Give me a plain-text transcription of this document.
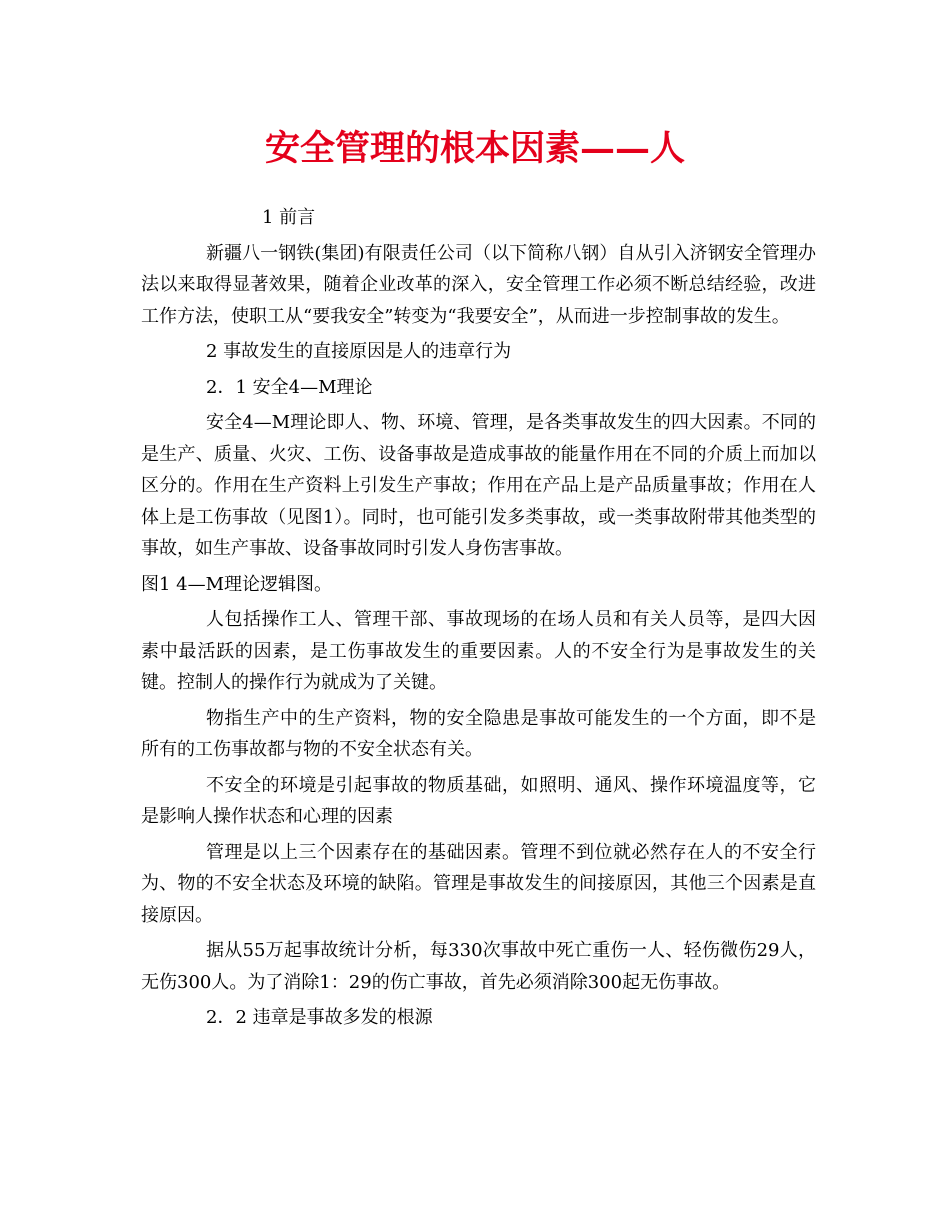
安全管理的根本因素——人

1 前言

新疆八一钢铁(集团)有限责任公司（以下简称八钢）自从引入济钢安全管理办法以来取得显著效果，随着企业改革的深入，安全管理工作必须不断总结经验，改进工作方法，使职工从“要我安全”转变为“我要安全”，从而进一步控制事故的发生。

2 事故发生的直接原因是人的违章行为

2．1 安全4—M理论

安全4—M理论即人、物、环境、管理，是各类事故发生的四大因素。不同的是生产、质量、火灾、工伤、设备事故是造成事故的能量作用在不同的介质上而加以区分的。作用在生产资料上引发生产事故；作用在产品上是产品质量事故；作用在人体上是工伤事故（见图1）。同时，也可能引发多类事故，或一类事故附带其他类型的事故，如生产事故、设备事故同时引发人身伤害事故。

图1 4—M理论逻辑图。

人包括操作工人、管理干部、事故现场的在场人员和有关人员等，是四大因素中最活跃的因素，是工伤事故发生的重要因素。人的不安全行为是事故发生的关键。控制人的操作行为就成为了关键。

物指生产中的生产资料，物的安全隐患是事故可能发生的一个方面，即不是所有的工伤事故都与物的不安全状态有关。

不安全的环境是引起事故的物质基础，如照明、通风、操作环境温度等，它是影响人操作状态和心理的因素

管理是以上三个因素存在的基础因素。管理不到位就必然存在人的不安全行为、物的不安全状态及环境的缺陷。管理是事故发生的间接原因，其他三个因素是直接原因。

据从55万起事故统计分析，每330次事故中死亡重伤一人、轻伤微伤29人，无伤300人。为了消除1：29的伤亡事故，首先必须消除300起无伤事故。

2．2 违章是事故多发的根源
